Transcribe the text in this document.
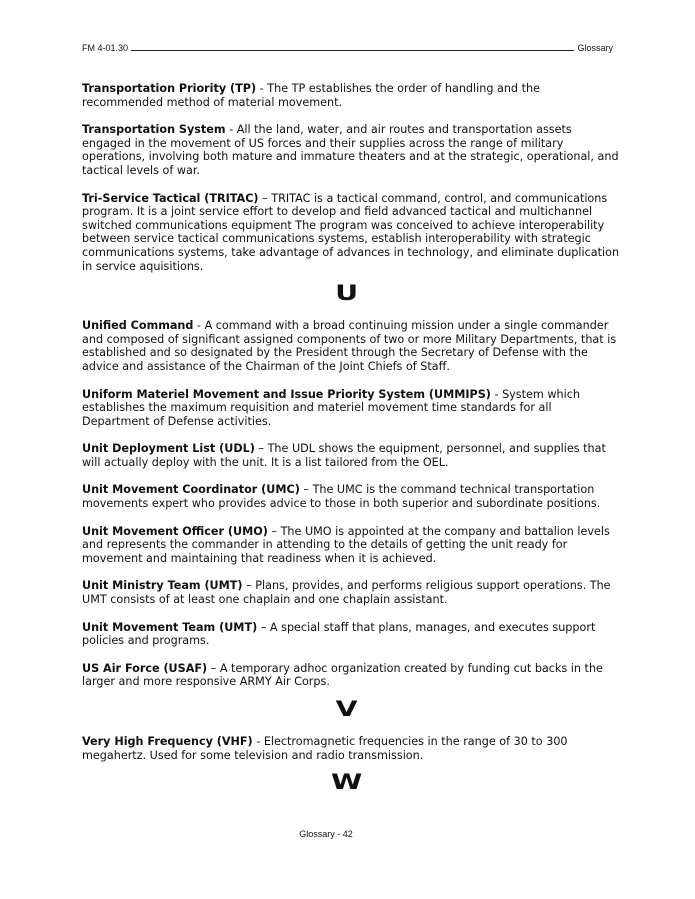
FM 4-01.30	Glossary

Transportation Priority (TP) - The TP establishes the order of handling and the recommended method of material movement.

Transportation System - All the land, water, and air routes and transportation assets engaged in the movement of US forces and their supplies across the range of military operations, involving both mature and immature theaters and at the strategic, operational, and tactical levels of war.

Tri-Service Tactical (TRITAC) – TRITAC is a tactical command, control, and communications program. It is a joint service effort to develop and field advanced tactical and multichannel switched communications equipment The program was conceived to achieve interoperability between service tactical communications systems, establish interoperability with strategic communications systems, take advantage of advances in technology, and eliminate duplication in service aquisitions.

U

Unified Command - A command with a broad continuing mission under a single commander and composed of significant assigned components of two or more Military Departments, that is established and so designated by the President through the Secretary of Defense with the advice and assistance of the Chairman of the Joint Chiefs of Staff.

Uniform Materiel Movement and Issue Priority System (UMMIPS) - System which establishes the maximum requisition and materiel movement time standards for all Department of Defense activities.

Unit Deployment List (UDL) – The UDL shows the equipment, personnel, and supplies that will actually deploy with the unit. It is a list tailored from the OEL.

Unit Movement Coordinator (UMC) – The UMC is the command technical transportation movements expert who provides advice to those in both superior and subordinate positions.

Unit Movement Officer (UMO) – The UMO is appointed at the company and battalion levels and represents the commander in attending to the details of getting the unit ready for movement and maintaining that readiness when it is achieved.

Unit Ministry Team (UMT) – Plans, provides, and performs religious support operations. The UMT consists of at least one chaplain and one chaplain assistant.

Unit Movement Team (UMT) – A special staff that plans, manages, and executes support policies and programs.

US Air Force (USAF) – A temporary adhoc organization created by funding cut backs in the larger and more responsive ARMY Air Corps.

V

Very High Frequency (VHF) - Electromagnetic frequencies in the range of 30 to 300 megahertz. Used for some television and radio transmission.

W
Glossary - 42
